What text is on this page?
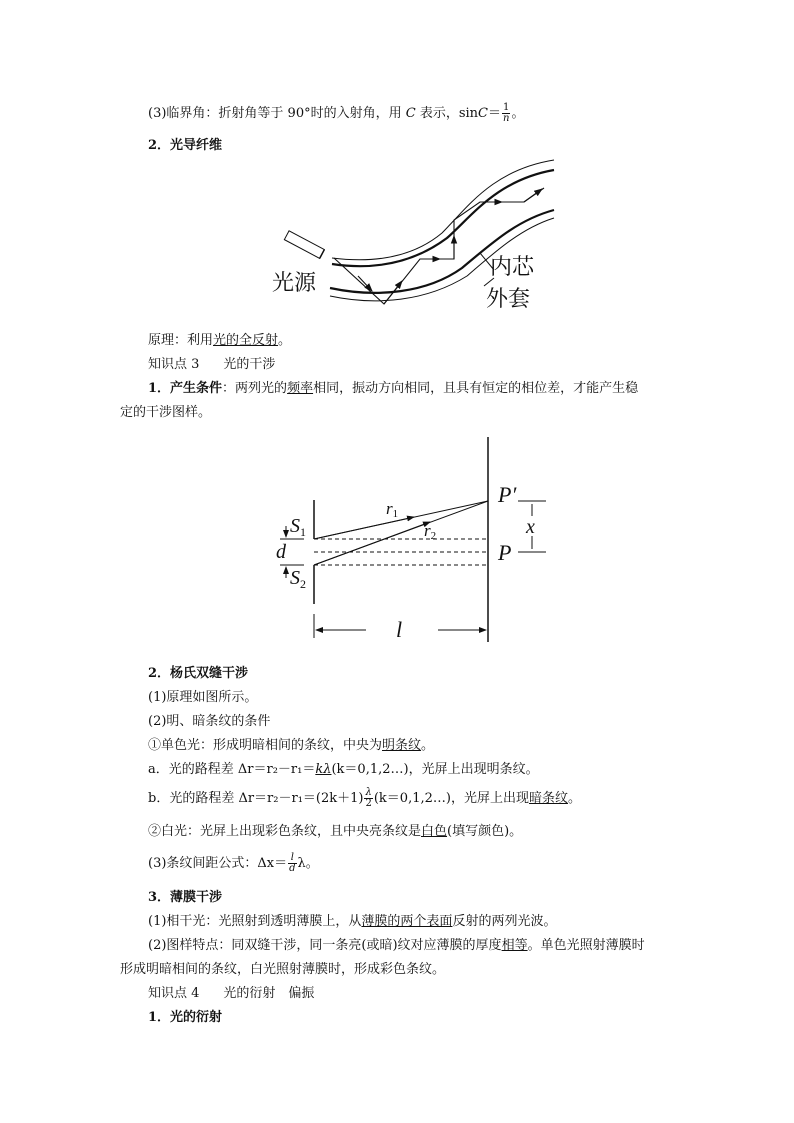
(3)临界角：折射角等于 90°时的入射角，用 C 表示，$\sin C= \frac{1}{n}$ 。
2．光导纤维
光源
内芯
外套
原理：利用光的全反射。
知识点 3 光的干涉
1．产生条件：两列光的频率相同，振动方向相同，且具有恒定的相位差，才能产生稳
定的干涉图样。
$S_1$
d
$S_2$
r1
r2
P′
P
x
l
2．杨氏双缝干涉
(1)原理如图所示。
(2)明、暗条纹的条件
①单色光：形成明暗相间的条纹，中央为明条纹。
a．光的路程差 Δr＝r₂－r₁＝kλ(k＝0,1,2…)，光屏上出现明条纹。
b．光的路程差 $\Delta r=r_2-r_1=(2k+1) \frac{\lambda}{2}$ (k＝0,1,2…)，光屏上出现暗条纹。
②白光：光屏上出现彩色条纹，且中央亮条纹是白色(填写颜色)。
(3)条纹间距公式：$\Delta x= \frac{l}{d}$ λ。
3．薄膜干涉
(1)相干光：光照射到透明薄膜上，从薄膜的两个表面反射的两列光波。
(2)图样特点：同双缝干涉，同一条亮(或暗)纹对应薄膜的厚度相等。单色光照射薄膜时
形成明暗相间的条纹，白光照射薄膜时，形成彩色条纹。
知识点 4 光的衍射　偏振
1．光的衍射
